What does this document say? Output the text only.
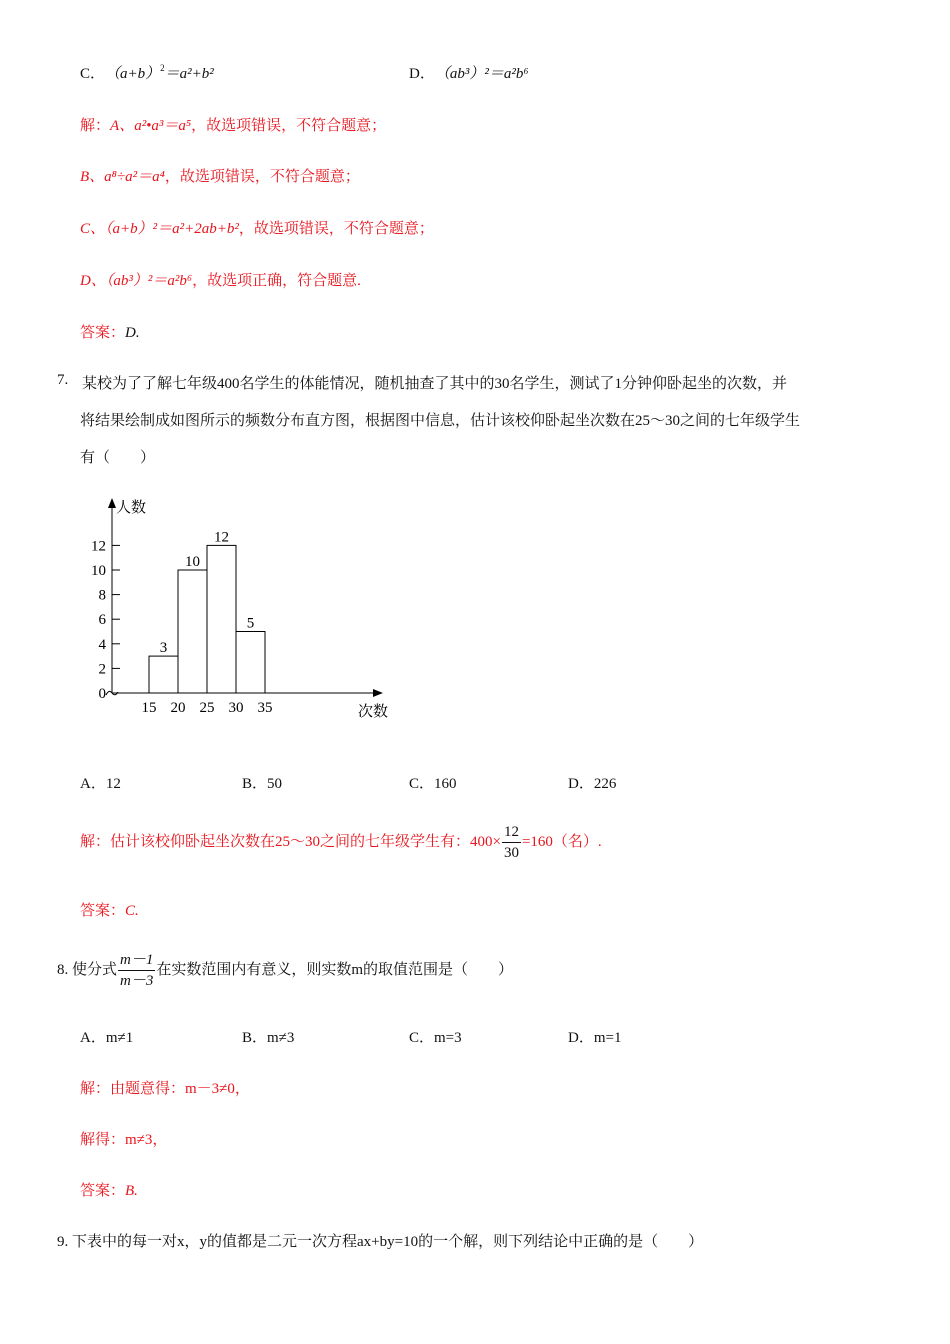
C．　 $(a+b)^2=a^2+b^2$	D．　 （ab³）²＝a²b⁶
解：A、a²•a³＝a⁵，故选项错误，不符合题意；
B、a⁸÷a²＝a⁴，故选项错误，不符合题意；
C、（a+b）²＝a²+2ab+b²，故选项错误，不符合题意；
D、（ab³）²＝a²b⁶，故选项正确，符合题意.
答案：D.
7. 某校为了了解七年级400名学生的体能情况，随机抽查了其中的30名学生，测试了1分钟仰卧起坐的次数，并
将结果绘制成如图所示的频数分布直方图，根据图中信息，估计该校仰卧起坐次数在25～30之间的七年级学生
有（　　）
人数
次数
0
2
4
6
8
10
12
15 20 25 30 35
3
10
12
5
A．12	B．50	C．160	D．226
解：估计该校仰卧起坐次数在25～30之间的七年级学生有：$400\times \frac{12}{30} =160$（名）.
答案：C.
8. 使分式 $\frac{m-1}{m-3}$ 在实数范围内有意义，则实数m的取值范围是（　　）
A．m≠1	B．m≠3	C．m=3	D．m=1
解：由题意得：m－3≠0，
解得：m≠3，
答案：B.
9. 下表中的每一对x，y的值都是二元一次方程ax+by=10的一个解，则下列结论中正确的是（　　）
